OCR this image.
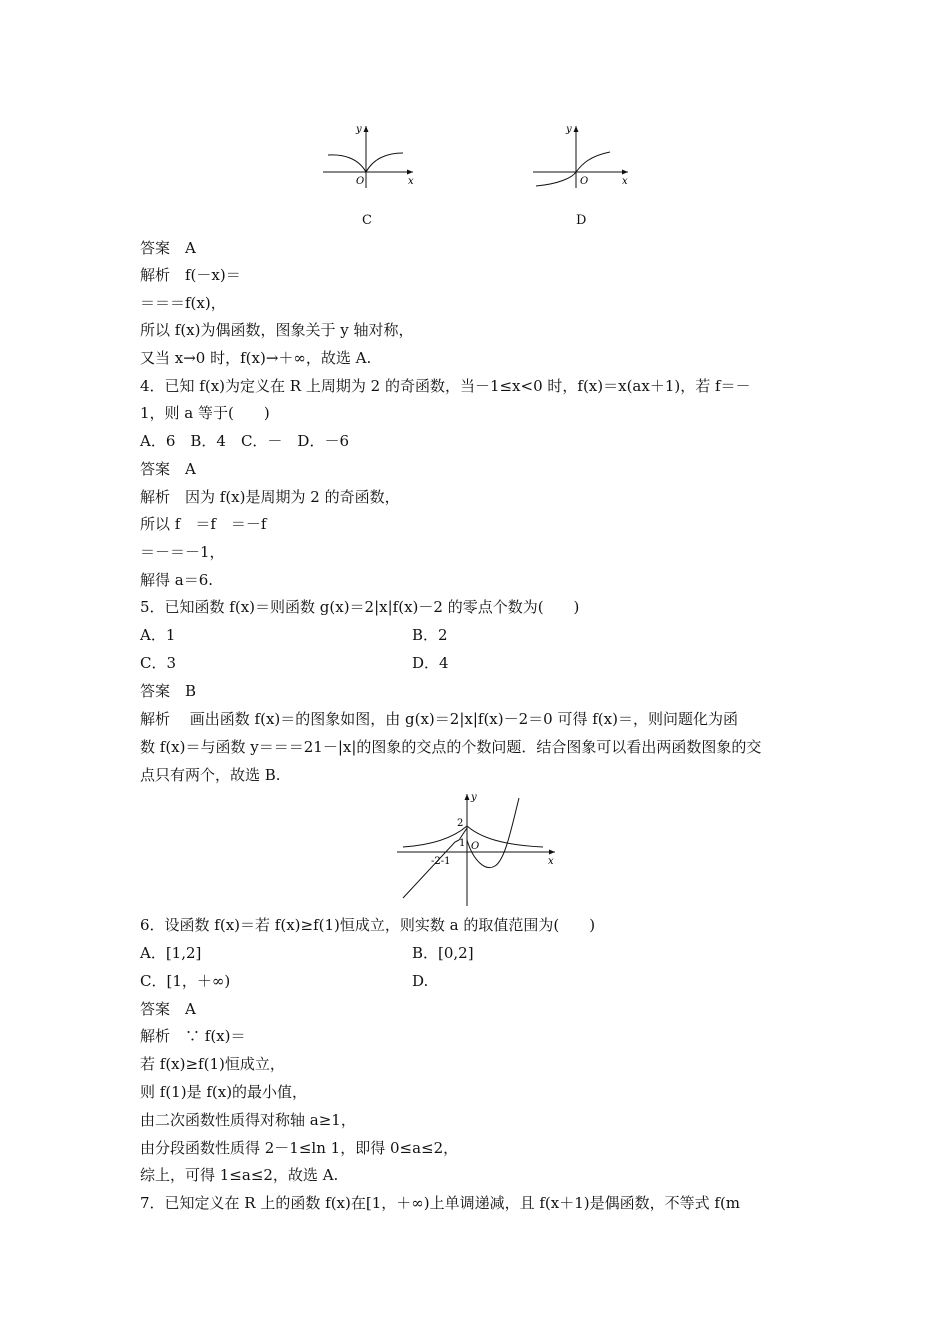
y
x
O
C
y
x
O
D
答案　A
解析　f(－x)＝
＝＝＝f(x)，
所以 f(x)为偶函数，图象关于 y 轴对称，
又当 x→0 时，f(x)→＋∞，故选 A.
4．已知 f(x)为定义在 R 上周期为 2 的奇函数，当－1≤x<0 时，f(x)＝x(ax＋1)，若 f＝－
1，则 a 等于(　　)
A．6　B．4　C．－　D．－6
答案　A
解析　因为 f(x)是周期为 2 的奇函数，
所以 f　＝f　＝－f
＝－＝－1，
解得 a＝6.
5．已知函数 f(x)＝则函数 g(x)＝2|x|f(x)－2 的零点个数为(　　)
A．1	B．2
C．3	D．4
答案　B
解析　 画出函数 f(x)＝的图象如图，由 g(x)＝2|x|f(x)－2＝0 可得 f(x)＝，则问题化为函
数 f(x)＝与函数 y＝＝＝21－|x|的图象的交点的个数问题．结合图象可以看出两函数图象的交
点只有两个，故选 B.
y
x
O
2
1
-2-1
6．设函数 f(x)＝若 f(x)≥f(1)恒成立，则实数 a 的取值范围为(　　)
A．[1,2]	B．[0,2]
C．[1，＋∞)	D.
答案　A
解析　∵ f(x)＝
若 f(x)≥f(1)恒成立，
则 f(1)是 f(x)的最小值，
由二次函数性质得对称轴 a≥1，
由分段函数性质得 2－1≤ln 1，即得 0≤a≤2，
综上，可得 1≤a≤2，故选 A.
7．已知定义在 R 上的函数 f(x)在[1，＋∞)上单调递减，且 f(x＋1)是偶函数，不等式 f(m
